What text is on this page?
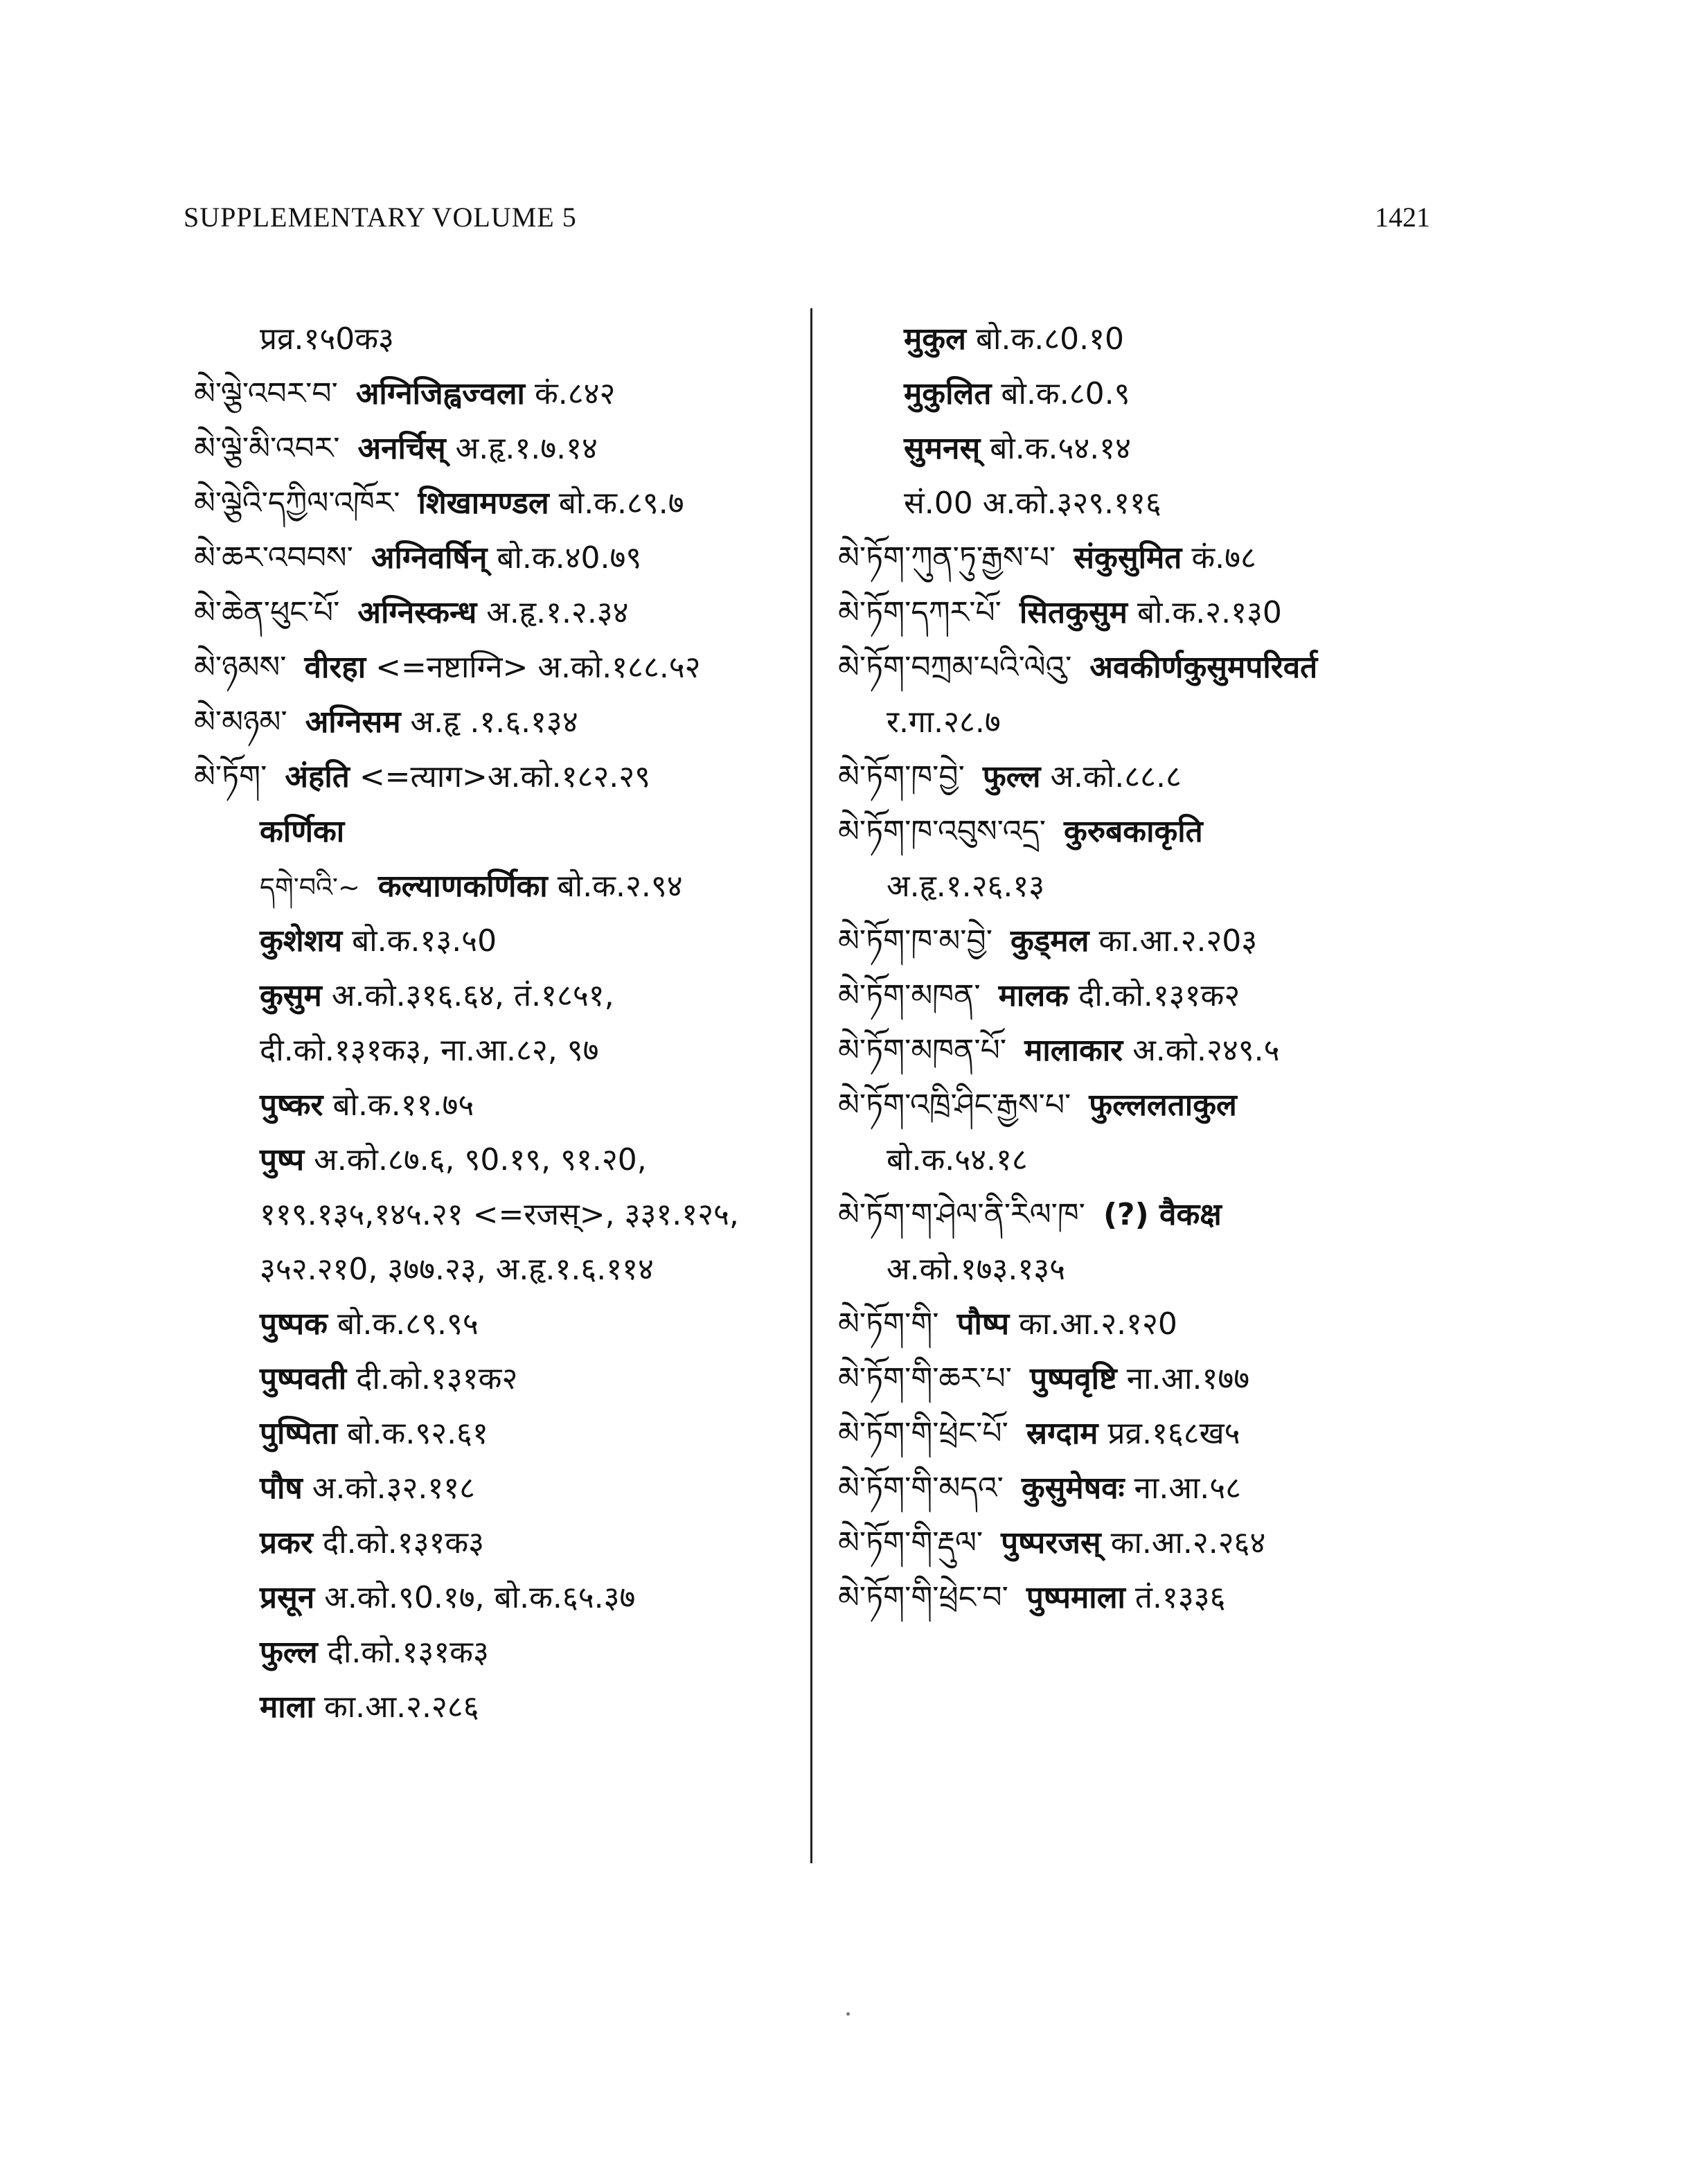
SUPPLEMENTARY VOLUME 5	1421
प्रव्र.१५0क३
མེ་ལྕེ་འབར་བ་ अग्निजिह्वज्वला कं.८४२
མེ་ལྕེ་མི་འབར་ अनर्चिस् अ.हृ.१.७.१४
མེ་ལྕེའི་དཀྱིལ་འཁོར་ शिखामण्डल बो.क.८९.७
མེ་ཆར་འབབས་ अग्निवर्षिन् बो.क.४0.७९
མེ་ཆེན་ཕུང་པོ་ अग्निस्कन्ध अ.हृ.१.२.३४
མེ་ཉམས་ वीरहा <=नष्टाग्नि> अ.को.१८८.५२
མེ་མཉམ་ अग्निसम अ.हृ .१.६.१३४
མེ་ཏོག་ अंहति <=त्याग>अ.को.१८२.२९
कर्णिका
དགེ་བའི་~ कल्याणकर्णिका बो.क.२.९४
कुशेशय बो.क.१३.५0
कुसुम अ.को.३१६.६४, तं.१८५१,
दी.को.१३१क३, ना.आ.८२, ९७
पुष्कर बो.क.११.७५
पुष्प अ.को.८७.६, ९0.१९, ९१.२0,
११९.१३५,१४५.२१ <=रजस्>, ३३१.१२५,
३५२.२१0, ३७७.२३, अ.हृ.१.६.११४
पुष्पक बो.क.८९.९५
पुष्पवती दी.को.१३१क२
पुष्पिता बो.क.९२.६१
पौष अ.को.३२.११८
प्रकर दी.को.१३१क३
प्रसून अ.को.९0.१७, बो.क.६५.३७
फुल्ल दी.को.१३१क३
माला का.आ.२.२८६
मुकुल बो.क.८0.१0
मुकुलित बो.क.८0.९
सुमनस् बो.क.५४.१४
सं.00 अ.को.३२९.११६
མེ་ཏོག་ཀུན་ཏུ་རྒྱས་པ་ संकुसुमित कं.७८
མེ་ཏོག་དཀར་པོ་ सितकुसुम बो.क.२.१३0
མེ་ཏོག་བཀྲམ་པའི་ལེའུ་ अवकीर्णकुसुमपरिवर्त
र.गा.२८.७
མེ་ཏོག་ཁ་བྱེ་ फुल्ल अ.को.८८.८
མེ་ཏོག་ཁ་འབུས་འདྲ་ कुरुबकाकृति
अ.हृ.१.२६.१३
མེ་ཏོག་ཁ་མ་བྱེ་ कुड्मल का.आ.२.२0३
མེ་ཏོག་མཁན་ मालक दी.को.१३१क२
མེ་ཏོག་མཁན་པོ་ मालाकार अ.को.२४९.५
མེ་ཏོག་འཁྲི་ཤིང་རྒྱས་པ་ फुल्ललताकुल
बो.क.५४.१८
མེ་ཏོག་ག་ཤེལ་ནི་རིལ་ཁ་ (?) वैकक्ष
अ.को.१७३.१३५
མེ་ཏོག་གི་ पौष्प का.आ.२.१२0
མེ་ཏོག་གི་ཆར་པ་ पुष्पवृष्टि ना.आ.१७७
མེ་ཏོག་གི་ཕྲེང་པོ་ स्रग्दाम प्रव्र.१६८ख५
མེ་ཏོག་གི་མདའ་ कुसुमेषवः ना.आ.५८
མེ་ཏོག་གི་རྡུལ་ पुष्परजस् का.आ.२.२६४
མེ་ཏོག་གི་ཕྲེང་བ་ पुष्पमाला तं.१३३६
